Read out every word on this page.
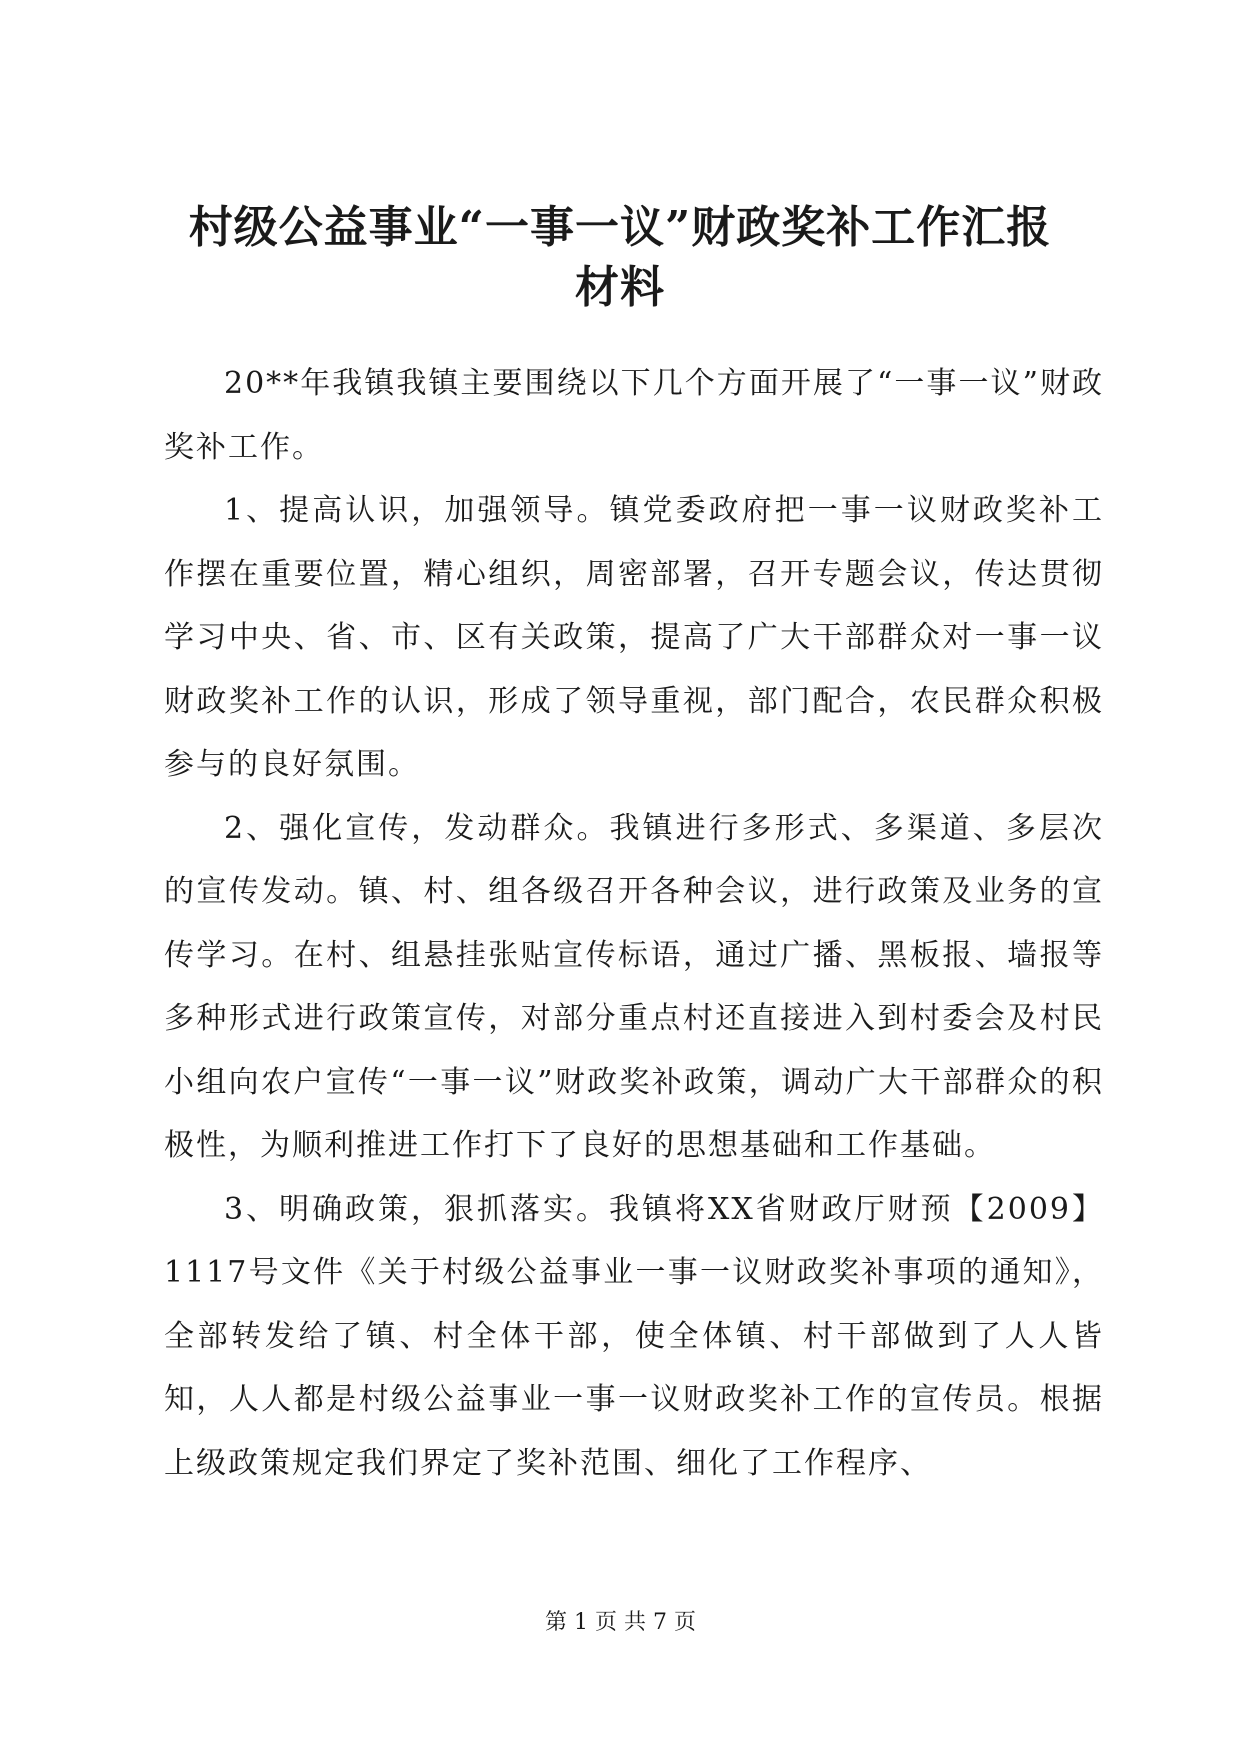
村级公益事业“一事一议”财政奖补工作汇报
材料

20**年我镇我镇主要围绕以下几个方面开展了“一事一议”财政奖补工作。

1、提高认识，加强领导。镇党委政府把一事一议财政奖补工作摆在重要位置，精心组织，周密部署，召开专题会议，传达贯彻学习中央、省、市、区有关政策，提高了广大干部群众对一事一议财政奖补工作的认识，形成了领导重视，部门配合，农民群众积极参与的良好氛围。

2、强化宣传，发动群众。我镇进行多形式、多渠道、多层次的宣传发动。镇、村、组各级召开各种会议，进行政策及业务的宣传学习。在村、组悬挂张贴宣传标语，通过广播、黑板报、墙报等多种形式进行政策宣传，对部分重点村还直接进入到村委会及村民小组向农户宣传“一事一议”财政奖补政策，调动广大干部群众的积极性，为顺利推进工作打下了良好的思想基础和工作基础。

3、明确政策，狠抓落实。我镇将XX省财政厅财预【2009】1117号文件《关于村级公益事业一事一议财政奖补事项的通知》，全部转发给了镇、村全体干部，使全体镇、村干部做到了人人皆知，人人都是村级公益事业一事一议财政奖补工作的宣传员。根据上级政策规定我们界定了奖补范围、细化了工作程序、

第 1 页 共 7 页
